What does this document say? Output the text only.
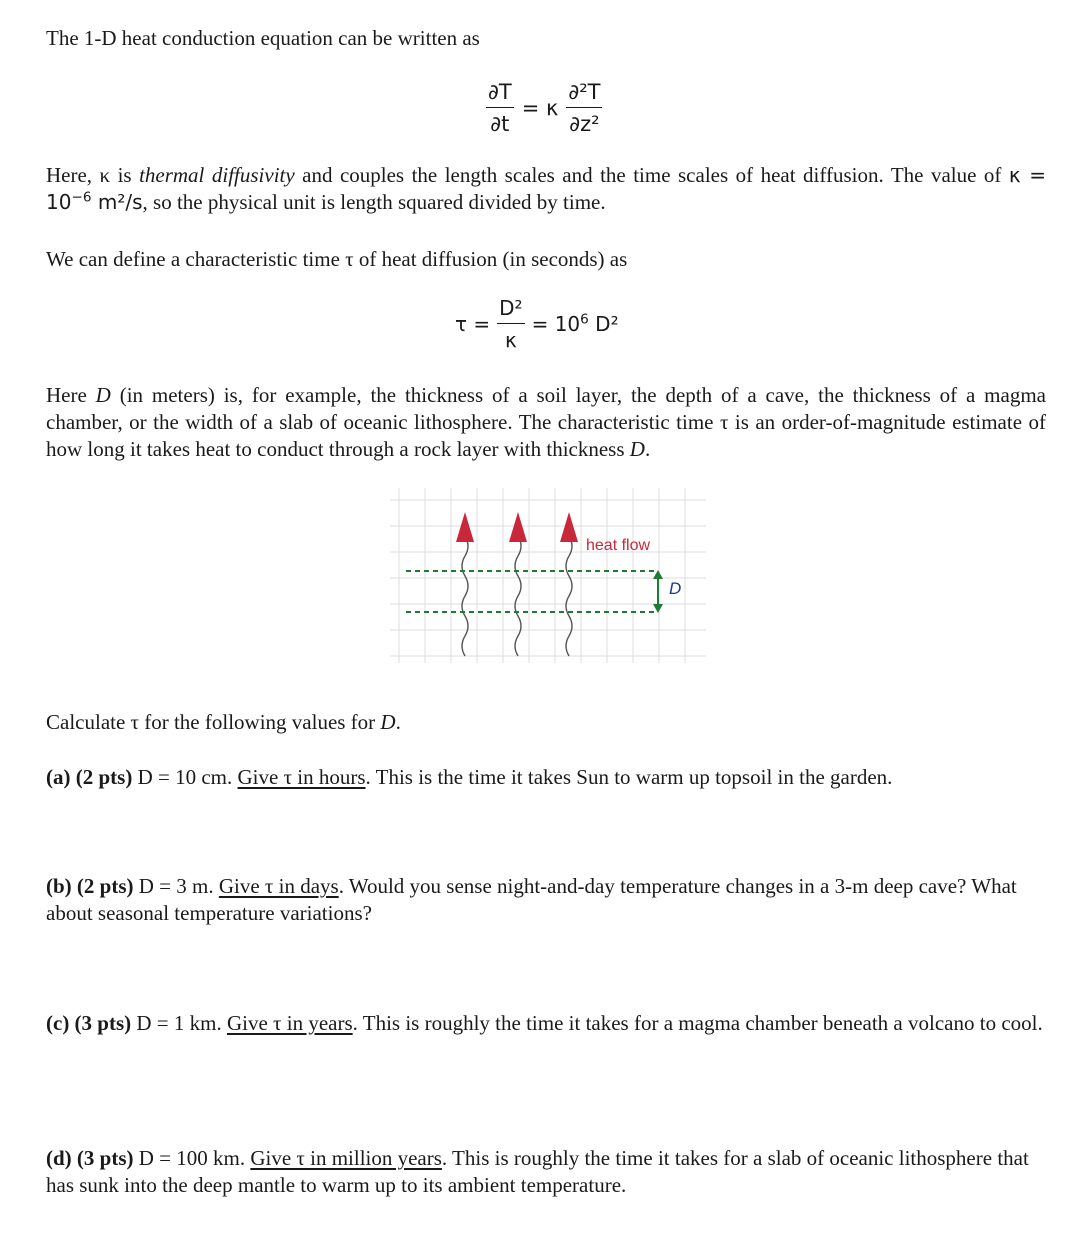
The 1-D heat conduction equation can be written as
$\frac{\partial T}{\partial t} = \kappa \frac{\text{∂²T}}{\text{∂z²}}$
Here, κ is thermal diffusivity and couples the length scales and the time scales of heat diffusion. The value of $\kappa = 10^{-6}$ m²/s, so the physical unit is length squared divided by time.
We can define a characteristic time τ of heat diffusion (in seconds) as
$\tau = \frac{\text{D²}}{\kappa} = 10^6$ D²
Here D (in meters) is, for example, the thickness of a soil layer, the depth of a cave, the thickness of a magma chamber, or the width of a slab of oceanic lithosphere. The characteristic time τ is an order-of-magnitude estimate of how long it takes heat to conduct through a rock layer with thickness D.
heat flow
D
Calculate τ for the following values for D.
(a) (2 pts) D = 10 cm. Give τ in hours. This is the time it takes Sun to warm up topsoil in the garden.
(b) (2 pts) D = 3 m. Give τ in days. Would you sense night-and-day temperature changes in a 3-m deep cave? What about seasonal temperature variations?
(c) (3 pts) D = 1 km. Give τ in years. This is roughly the time it takes for a magma chamber beneath a volcano to cool.
(d) (3 pts) D = 100 km. Give τ in million years. This is roughly the time it takes for a slab of oceanic lithosphere that has sunk into the deep mantle to warm up to its ambient temperature.
